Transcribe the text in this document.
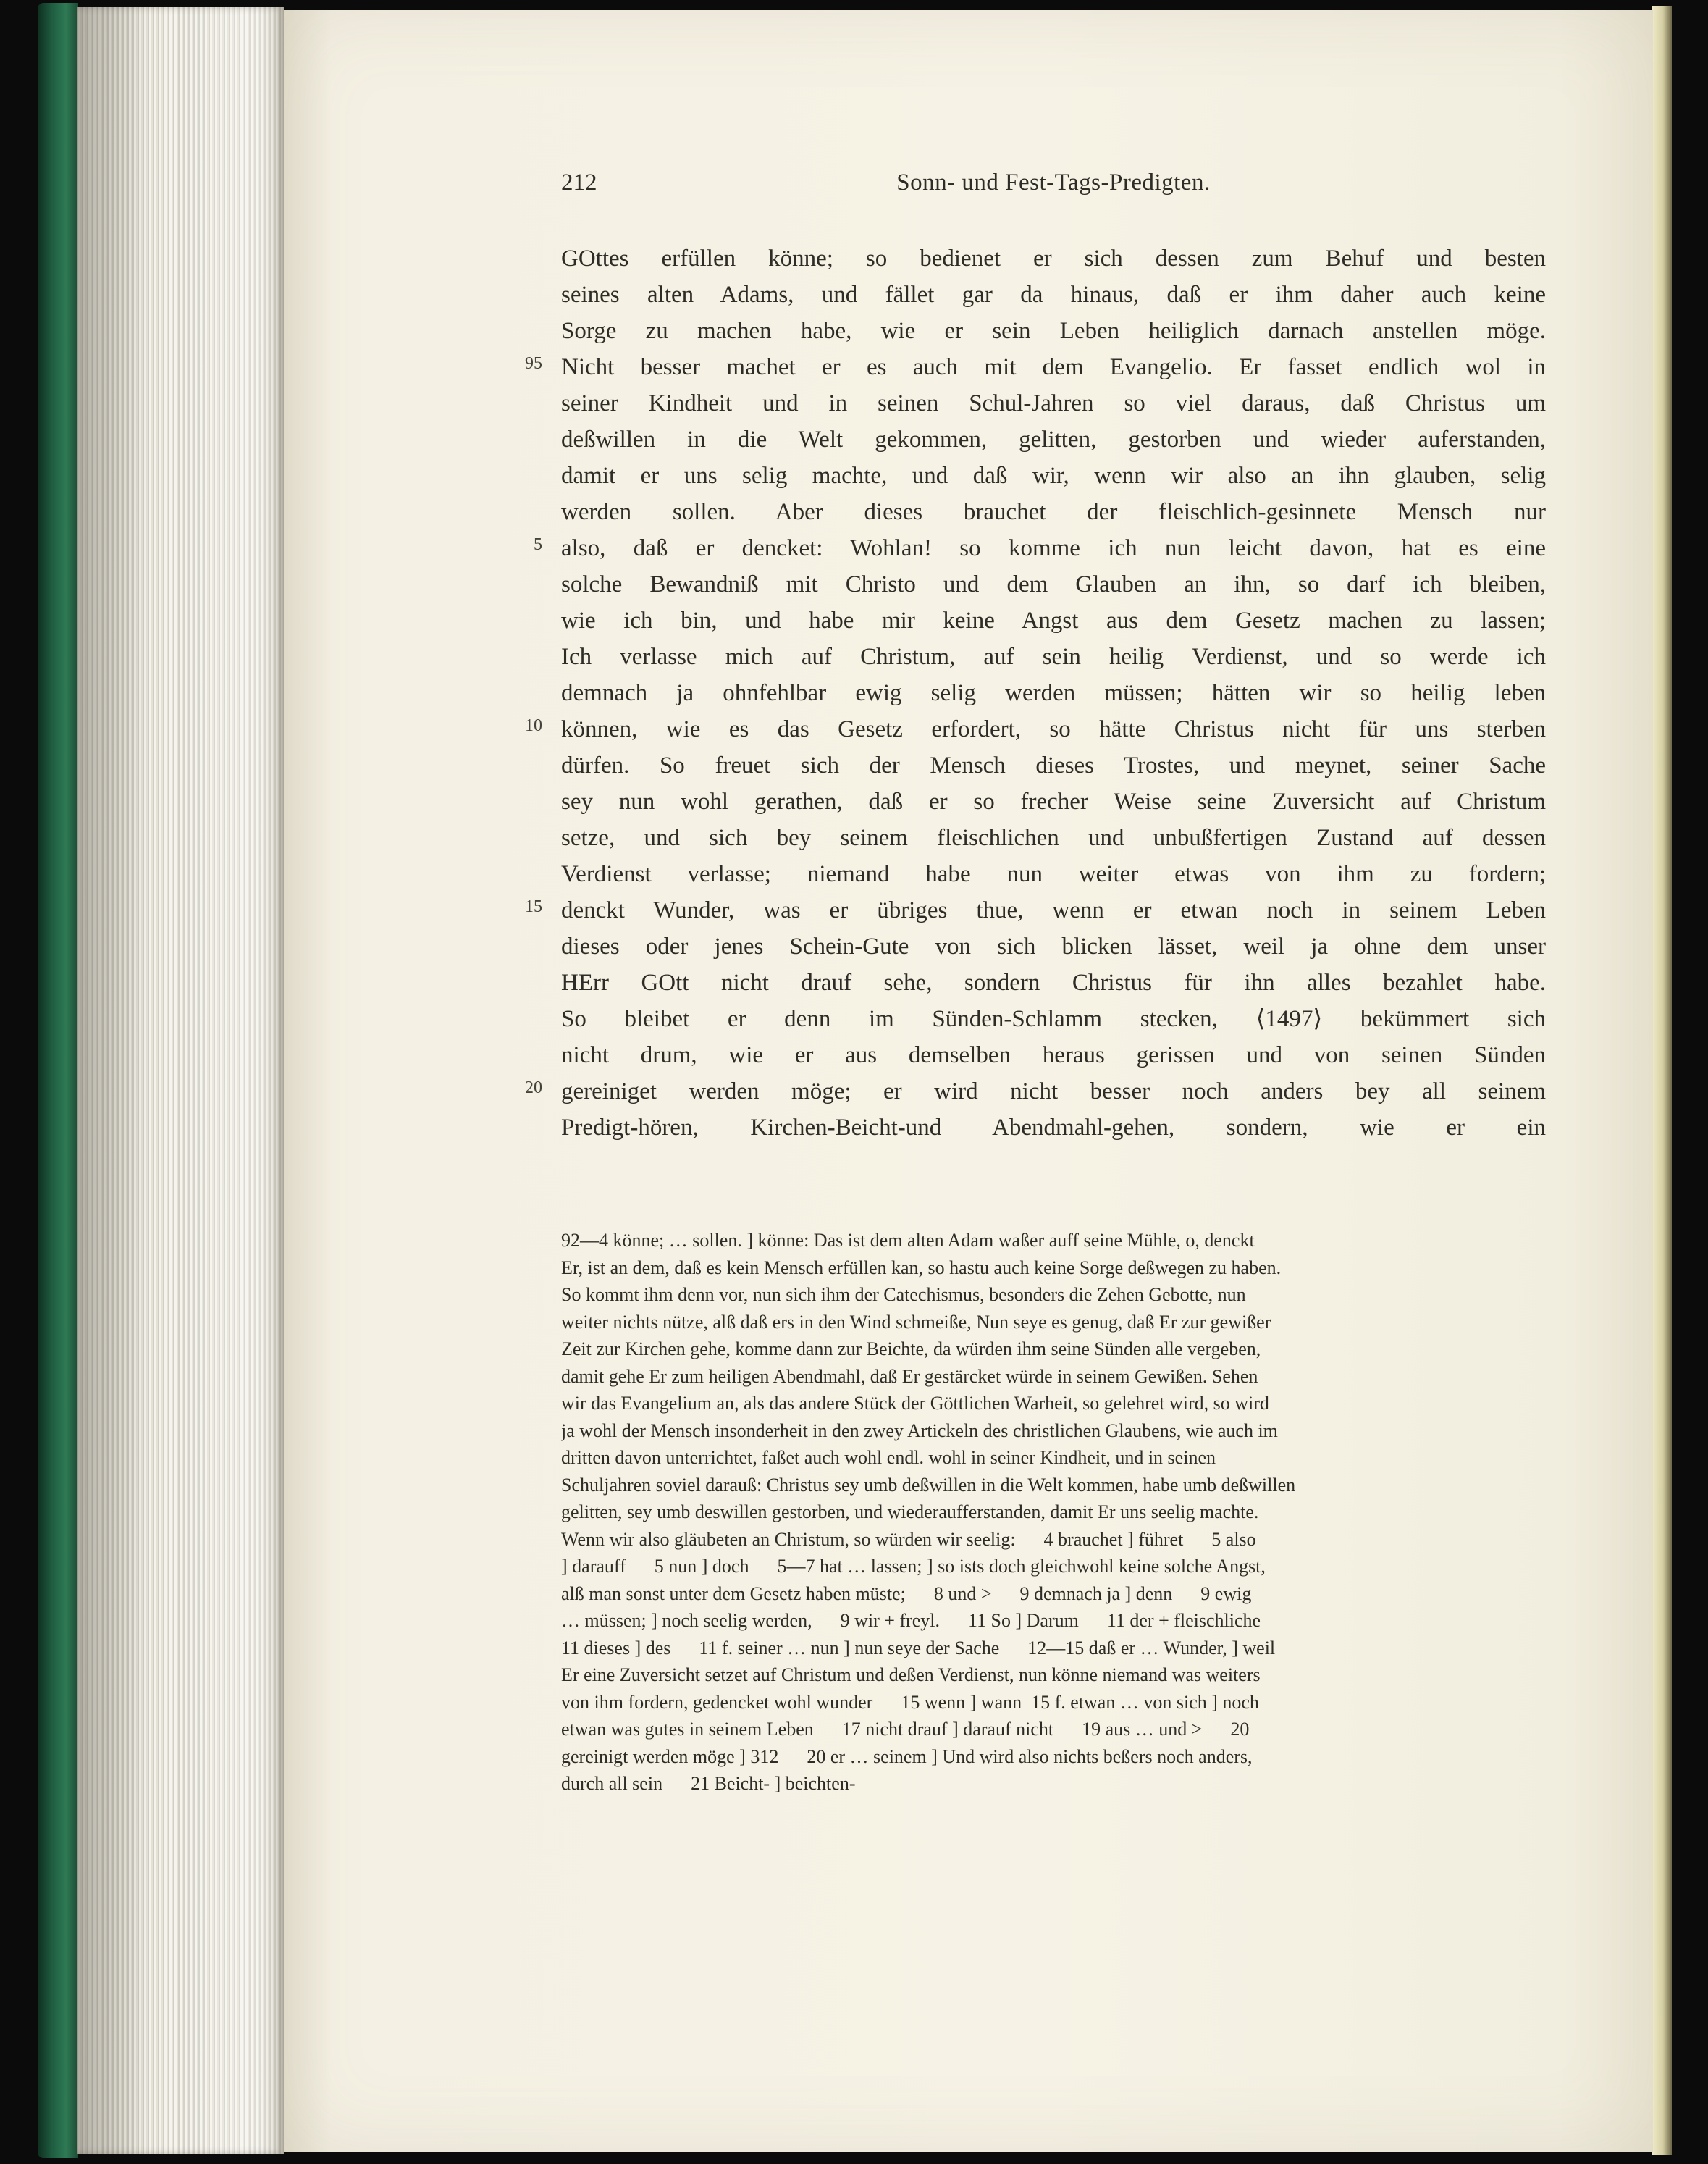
212	Sonn- und Fest-Tags-Predigten.
GOttes erfüllen könne; so bedienet er sich dessen zum Behuf und besten
seines alten Adams, und fället gar da hinaus, daß er ihm daher auch keine
Sorge zu machen habe, wie er sein Leben heiliglich darnach anstellen möge.
95 Nicht besser machet er es auch mit dem Evangelio. Er fasset endlich wol in
seiner Kindheit und in seinen Schul-Jahren so viel daraus, daß Christus um
deßwillen in die Welt gekommen, gelitten, gestorben und wieder auferstanden,
damit er uns selig machte, und daß wir, wenn wir also an ihn glauben, selig
werden sollen. Aber dieses brauchet der fleischlich-gesinnete Mensch nur
5 also, daß er dencket: Wohlan! so komme ich nun leicht davon, hat es eine
solche Bewandniß mit Christo und dem Glauben an ihn, so darf ich bleiben,
wie ich bin, und habe mir keine Angst aus dem Gesetz machen zu lassen;
Ich verlasse mich auf Christum, auf sein heilig Verdienst, und so werde ich
demnach ja ohnfehlbar ewig selig werden müssen; hätten wir so heilig leben
10 können, wie es das Gesetz erfordert, so hätte Christus nicht für uns sterben
dürfen. So freuet sich der Mensch dieses Trostes, und meynet, seiner Sache
sey nun wohl gerathen, daß er so frecher Weise seine Zuversicht auf Christum
setze, und sich bey seinem fleischlichen und unbußfertigen Zustand auf dessen
Verdienst verlasse; niemand habe nun weiter etwas von ihm zu fordern;
15 denckt Wunder, was er übriges thue, wenn er etwan noch in seinem Leben
dieses oder jenes Schein-Gute von sich blicken lässet, weil ja ohne dem unser
HErr GOtt nicht drauf sehe, sondern Christus für ihn alles bezahlet habe.
So bleibet er denn im Sünden-Schlamm stecken, ⟨1497⟩ bekümmert sich
nicht drum, wie er aus demselben heraus gerissen und von seinen Sünden
20 gereiniget werden möge; er wird nicht besser noch anders bey all seinem
Predigt-hören, Kirchen-Beicht-und Abendmahl-gehen, sondern, wie er ein
92—4 könne; … sollen. ] könne: Das ist dem alten Adam waßer auff seine Mühle, o, denckt
Er, ist an dem, daß es kein Mensch erfüllen kan, so hastu auch keine Sorge deßwegen zu haben.
So kommt ihm denn vor, nun sich ihm der Catechismus, besonders die Zehen Gebotte, nun
weiter nichts nütze, alß daß ers in den Wind schmeiße, Nun seye es genug, daß Er zur gewißer
Zeit zur Kirchen gehe, komme dann zur Beichte, da würden ihm seine Sünden alle vergeben,
damit gehe Er zum heiligen Abendmahl, daß Er gestärcket würde in seinem Gewißen. Sehen
wir das Evangelium an, als das andere Stück der Göttlichen Warheit, so gelehret wird, so wird
ja wohl der Mensch insonderheit in den zwey Artickeln des christlichen Glaubens, wie auch im
dritten davon unterrichtet, faßet auch wohl endl. wohl in seiner Kindheit, und in seinen
Schuljahren soviel darauß: Christus sey umb deßwillen in die Welt kommen, habe umb deßwillen
gelitten, sey umb deswillen gestorben, und wiederaufferstanden, damit Er uns seelig machte.
Wenn wir also gläubeten an Christum, so würden wir seelig:      4 brauchet ] führet      5 also
] darauff      5 nun ] doch      5—7 hat … lassen; ] so ists doch gleichwohl keine solche Angst,
alß man sonst unter dem Gesetz haben müste;      8 und >      9 demnach ja ] denn      9 ewig
… müssen; ] noch seelig werden,      9 wir + freyl.      11 So ] Darum      11 der + fleischliche
11 dieses ] des      11 f. seiner … nun ] nun seye der Sache      12—15 daß er … Wunder, ] weil
Er eine Zuversicht setzet auf Christum und deßen Verdienst, nun könne niemand was weiters
von ihm fordern, gedencket wohl wunder      15 wenn ] wann  15 f. etwan … von sich ] noch
etwan was gutes in seinem Leben      17 nicht drauf ] darauf nicht      19 aus … und >      20
gereinigt werden möge ] 312      20 er … seinem ] Und wird also nichts beßers noch anders,
durch all sein      21 Beicht- ] beichten-
